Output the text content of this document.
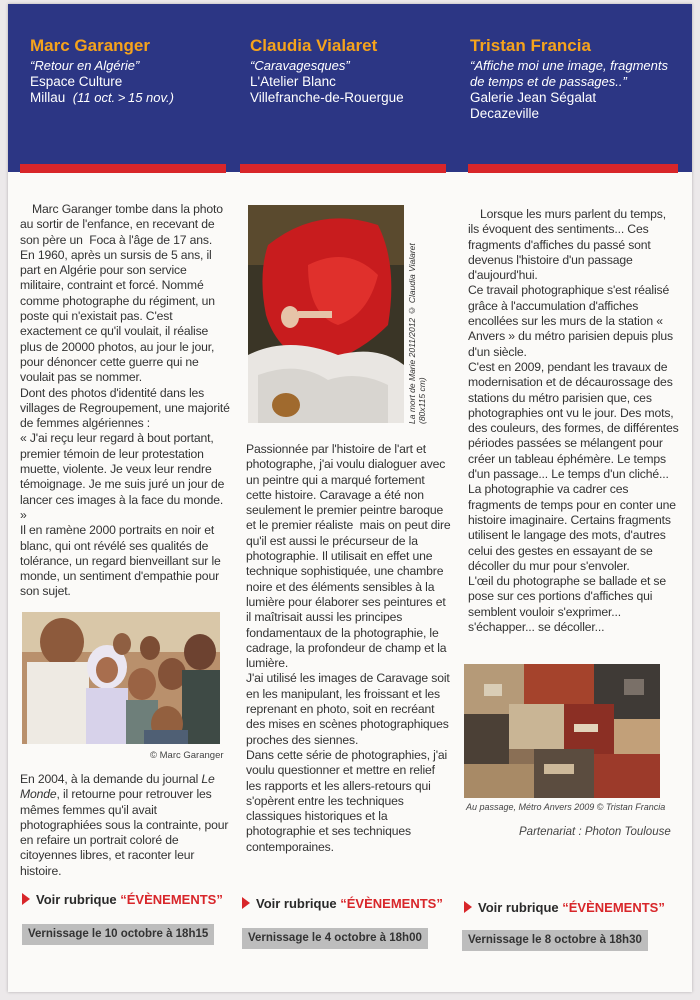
Marc Garanger
“Retour en Algérie”
Espace Culture
Millau (11 oct. > 15 nov.)
Claudia Vialaret
“Caravagesques”
L'Atelier Blanc
Villefranche-de-Rouergue
Tristan Francia
“Affiche moi une image, fragments
de temps et de passages..”
Galerie Jean Ségalat
Decazeville

Marc Garanger tombe dans la photo au sortir de l'enfance, en recevant de son père un  Foca à l'âge de 17 ans.

En 1960, après un sursis de 5 ans, il part en Algérie pour son service militaire, contraint et forcé. Nommé comme photographe du régiment, un poste qui n'existait pas. C'est exactement ce qu'il voulait, il réalise plus de 20000 photos, au jour le jour, pour dénoncer cette guerre qui ne voulait pas se nommer.

Dont des photos d'identité dans les villages de Regroupement, une majorité de femmes algériennes :

« J'ai reçu leur regard à bout portant, premier témoin de leur protestation muette, violente. Je veux leur rendre témoignage. Je me suis juré un jour de lancer ces images à la face du monde. »

Il en ramène 2000 portraits en noir et blanc, qui ont révélé ses qualités de tolérance, un regard bienveillant sur le monde, un sentiment d'empathie pour son sujet.

© Marc Garanger

En 2004, à la demande du journal Le Monde, il retourne pour retrouver les mêmes femmes qu'il avait photographiées sous la contrainte, pour en refaire un portrait coloré de citoyennes libres, et raconter leur histoire.

La mort de Marie 2011/2012 © Claudia Vialaret
(80x115 cm)

Passionnée par l'histoire de l'art et photographe, j'ai voulu dialoguer avec un peintre qui a marqué fortement cette histoire. Caravage a été non seulement le premier peintre baroque et le premier réaliste  mais on peut dire qu'il est aussi le précurseur de la photographie. Il utilisait en effet une technique sophistiquée, une chambre noire et des éléments sensibles à la lumière pour élaborer ses peintures et il maîtrisait aussi les principes fondamentaux de la photographie, le cadrage, la profondeur de champ et la lumière.

J'ai utilisé les images de Caravage soit en les manipulant, les froissant et les reprenant en photo, soit en recréant des mises en scènes photographiques proches des siennes.

Dans cette série de photographies, j'ai voulu questionner et mettre en relief les rapports et les allers-retours qui s'opèrent entre les techniques classiques historiques et la photographie et ses techniques contemporaines.

Lorsque les murs parlent du temps, ils évoquent des sentiments... Ces fragments d'affiches du passé sont devenus l'histoire d'un passage d'aujourd'hui.

Ce travail photographique s'est réalisé grâce à l'accumulation d'affiches encollées sur les murs de la station « Anvers » du métro parisien depuis plus d'un siècle.

C'est en 2009, pendant les travaux de modernisation et de décaurossage des stations du métro parisien que, ces photographies ont vu le jour. Des mots, des couleurs, des formes, de différentes périodes passées se mélangent pour créer un tableau éphémère. Le temps d'un passage... Le temps d'un cliché... La photographie va cadrer ces fragments de temps pour en conter une histoire imaginaire. Certains fragments utilisent le langage des mots, d'autres celui des gestes en essayant de se décoller du mur pour s'envoler.

L'œil du photographe se ballade et se pose sur ces portions d'affiches qui semblent vouloir s'exprimer... s'échapper... se décoller...

Au passage, Métro Anvers 2009 © Tristan Francia
Partenariat : Photon Toulouse
Voir rubrique “ÉVÈNEMENTS”	Voir rubrique “ÉVÈNEMENTS”	Voir rubrique “ÉVÈNEMENTS”
Vernissage le 10 octobre à 18h15	Vernissage le 4 octobre à 18h00	Vernissage le 8 octobre à 18h30
